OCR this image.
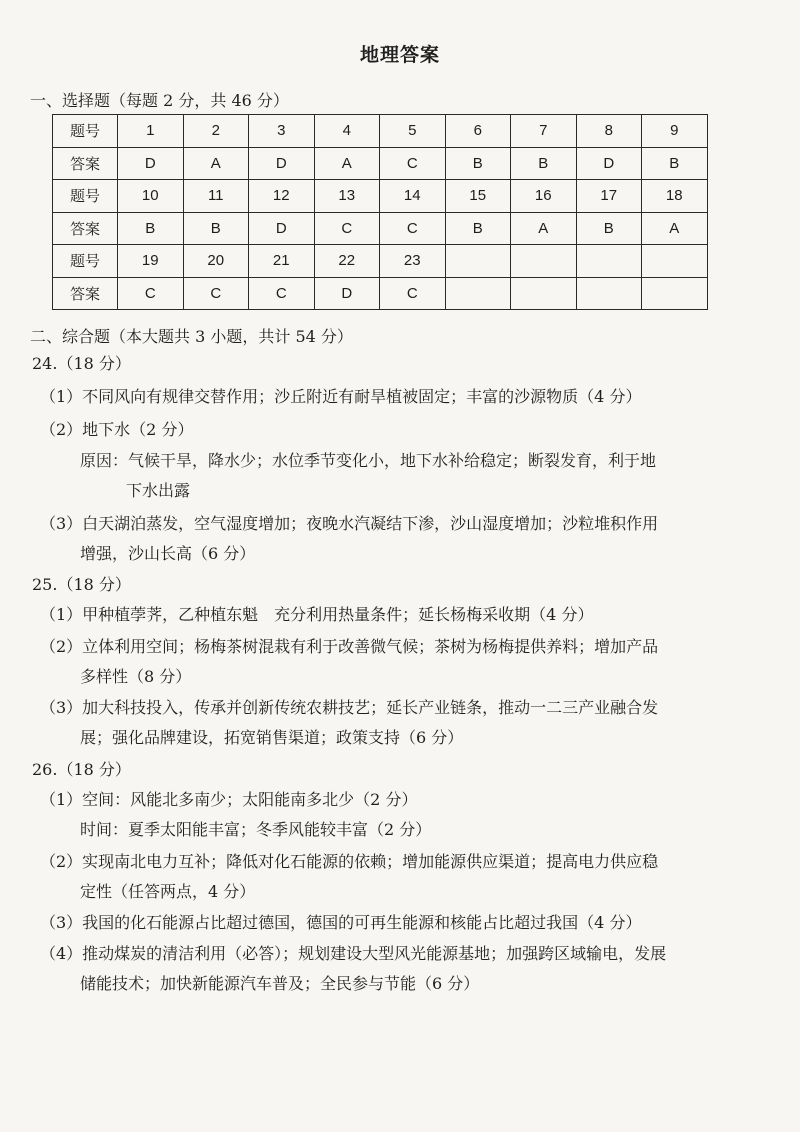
地理答案
一、选择题（每题 2 分，共 46 分）
题号	1	2	3	4	5	6	7	8	9
答案	D	A	D	A	C	B	B	D	B
题号	10	11	12	13	14	15	16	17	18
答案	B	B	D	C	C	B	A	B	A
题号	19	20	21	22	23				
答案	C	C	C	D	C				
二、综合题（本大题共 3 小题，共计 54 分）
24.（18 分）
（1）不同风向有规律交替作用；沙丘附近有耐旱植被固定；丰富的沙源物质（4 分）
（2）地下水（2 分）
原因：气候干旱，降水少；水位季节变化小，地下水补给稳定；断裂发育，利于地
下水出露
（3）白天湖泊蒸发，空气湿度增加；夜晚水汽凝结下渗，沙山湿度增加；沙粒堆积作用
增强，沙山长高（6 分）
25.（18 分）
（1）甲种植荸荠，乙种植东魁　充分利用热量条件；延长杨梅采收期（4 分）
（2）立体利用空间；杨梅茶树混栽有利于改善微气候；茶树为杨梅提供养料；增加产品
多样性（8 分）
（3）加大科技投入，传承并创新传统农耕技艺；延长产业链条，推动一二三产业融合发
展；强化品牌建设，拓宽销售渠道；政策支持（6 分）
26.（18 分）
（1）空间：风能北多南少；太阳能南多北少（2 分）
时间：夏季太阳能丰富；冬季风能较丰富（2 分）
（2）实现南北电力互补；降低对化石能源的依赖；增加能源供应渠道；提高电力供应稳
定性（任答两点，4 分）
（3）我国的化石能源占比超过德国，德国的可再生能源和核能占比超过我国（4 分）
（4）推动煤炭的清洁利用（必答）；规划建设大型风光能源基地；加强跨区域输电，发展
储能技术；加快新能源汽车普及；全民参与节能（6 分）
